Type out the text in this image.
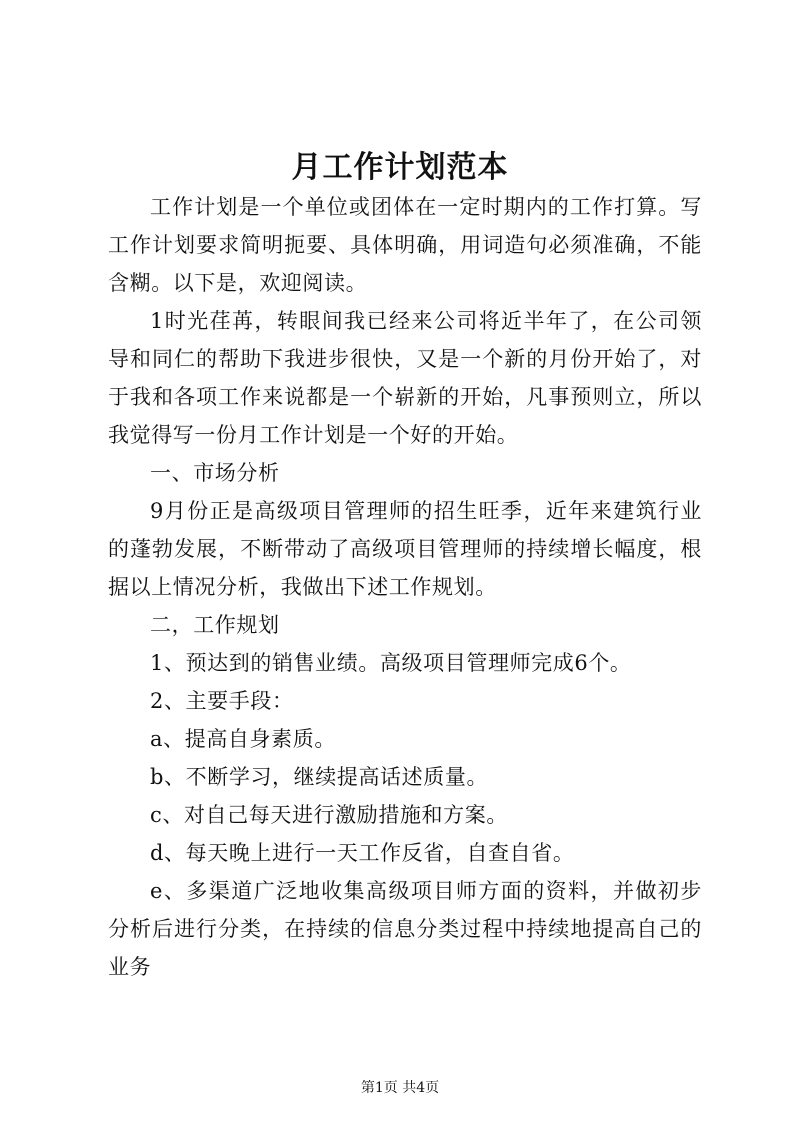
月工作计划范本

工作计划是一个单位或团体在一定时期内的工作打算。写工作计划要求简明扼要、具体明确，用词造句必须准确，不能含糊。以下是，欢迎阅读。

1时光荏苒，转眼间我已经来公司将近半年了，在公司领导和同仁的帮助下我进步很快，又是一个新的月份开始了，对于我和各项工作来说都是一个崭新的开始，凡事预则立，所以我觉得写一份月工作计划是一个好的开始。

一、市场分析

9月份正是高级项目管理师的招生旺季，近年来建筑行业的蓬勃发展，不断带动了高级项目管理师的持续增长幅度，根据以上情况分析，我做出下述工作规划。

二，工作规划

1、预达到的销售业绩。高级项目管理师完成6个。

2、主要手段：

a、提高自身素质。

b、不断学习，继续提高话述质量。

c、对自己每天进行激励措施和方案。

d、每天晚上进行一天工作反省，自查自省。

e、多渠道广泛地收集高级项目师方面的资料，并做初步分析后进行分类，在持续的信息分类过程中持续地提高自己的业务

第1页 共4页
